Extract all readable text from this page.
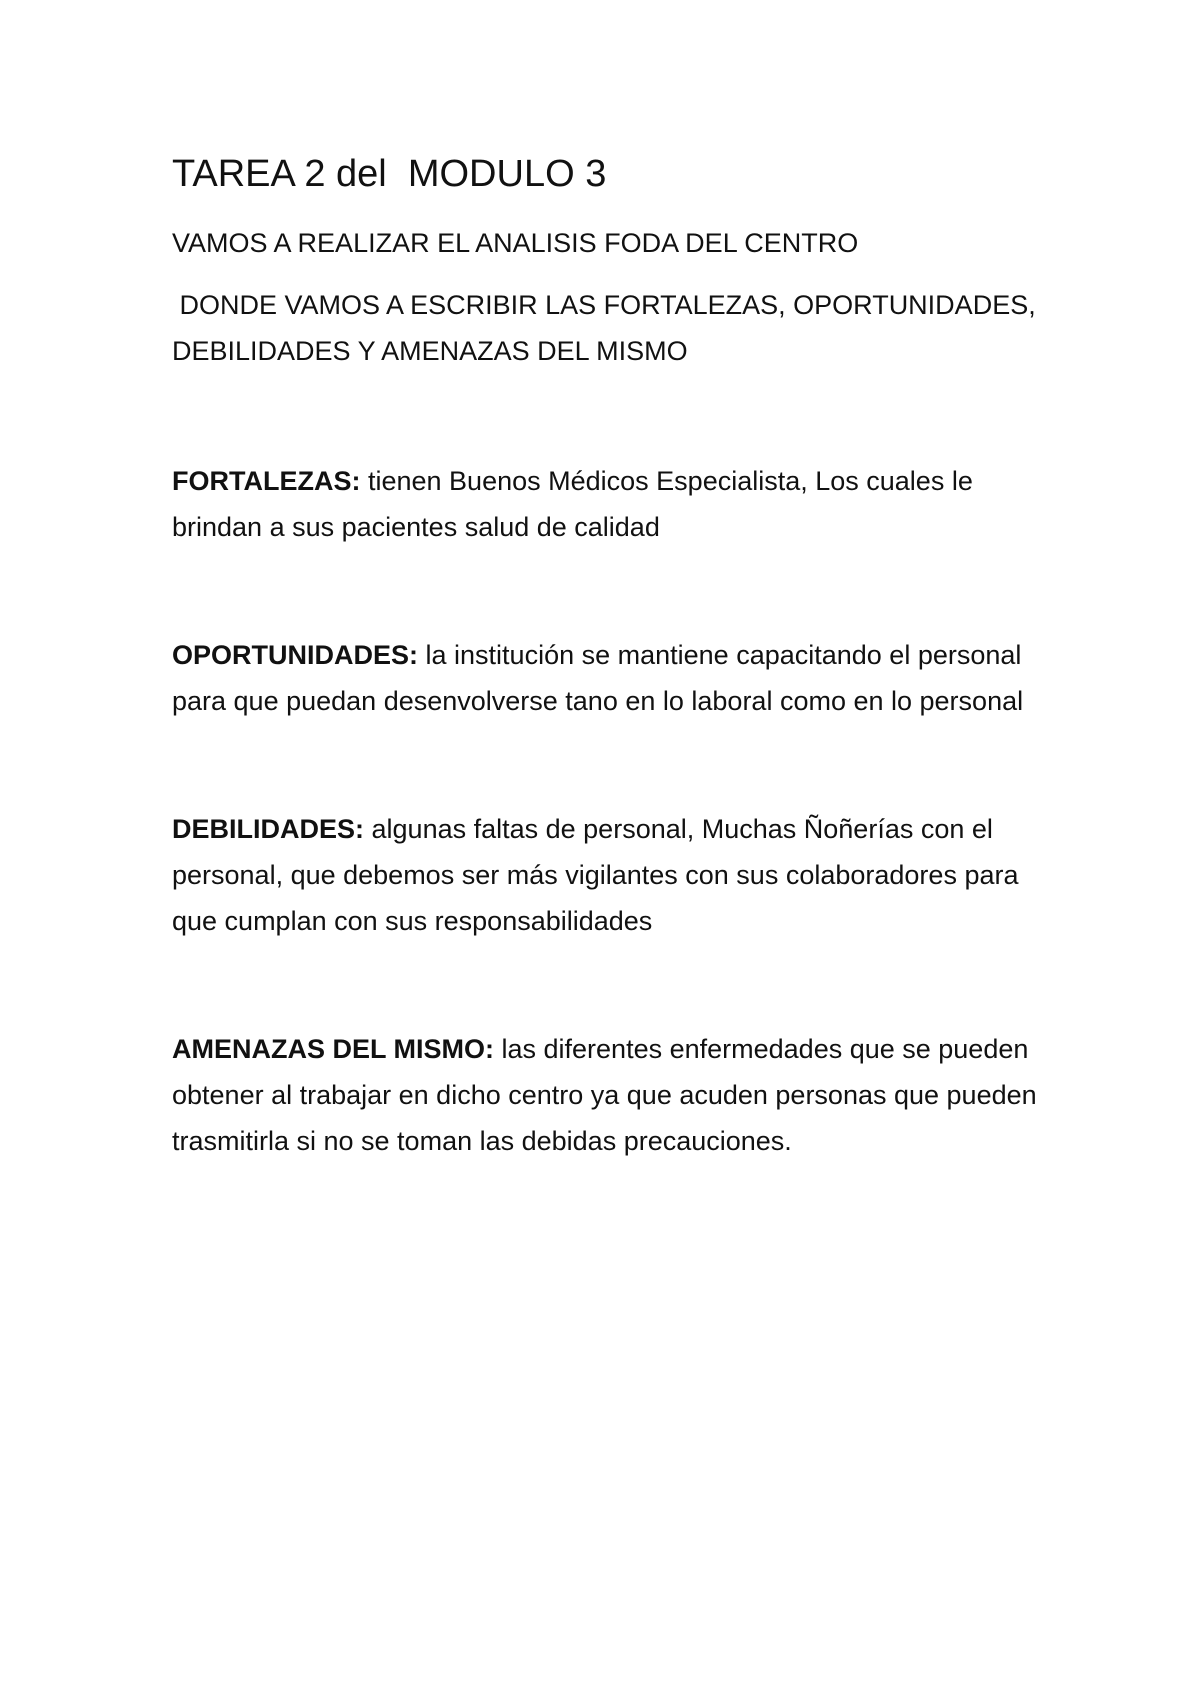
TAREA 2 del  MODULO 3

VAMOS A REALIZAR EL ANALISIS FODA DEL CENTRO

DONDE VAMOS A ESCRIBIR LAS FORTALEZAS, OPORTUNIDADES, DEBILIDADES Y AMENAZAS DEL MISMO

FORTALEZAS: tienen Buenos Médicos Especialista, Los cuales le brindan a sus pacientes salud de calidad

OPORTUNIDADES: la institución se mantiene capacitando el personal para que puedan desenvolverse tano en lo laboral como en lo personal

DEBILIDADES: algunas faltas de personal, Muchas Ñoñerías con el personal, que debemos ser más vigilantes con sus colaboradores para que cumplan con sus responsabilidades

AMENAZAS DEL MISMO: las diferentes enfermedades que se pueden obtener al trabajar en dicho centro ya que acuden personas que pueden trasmitirla si no se toman las debidas precauciones.
